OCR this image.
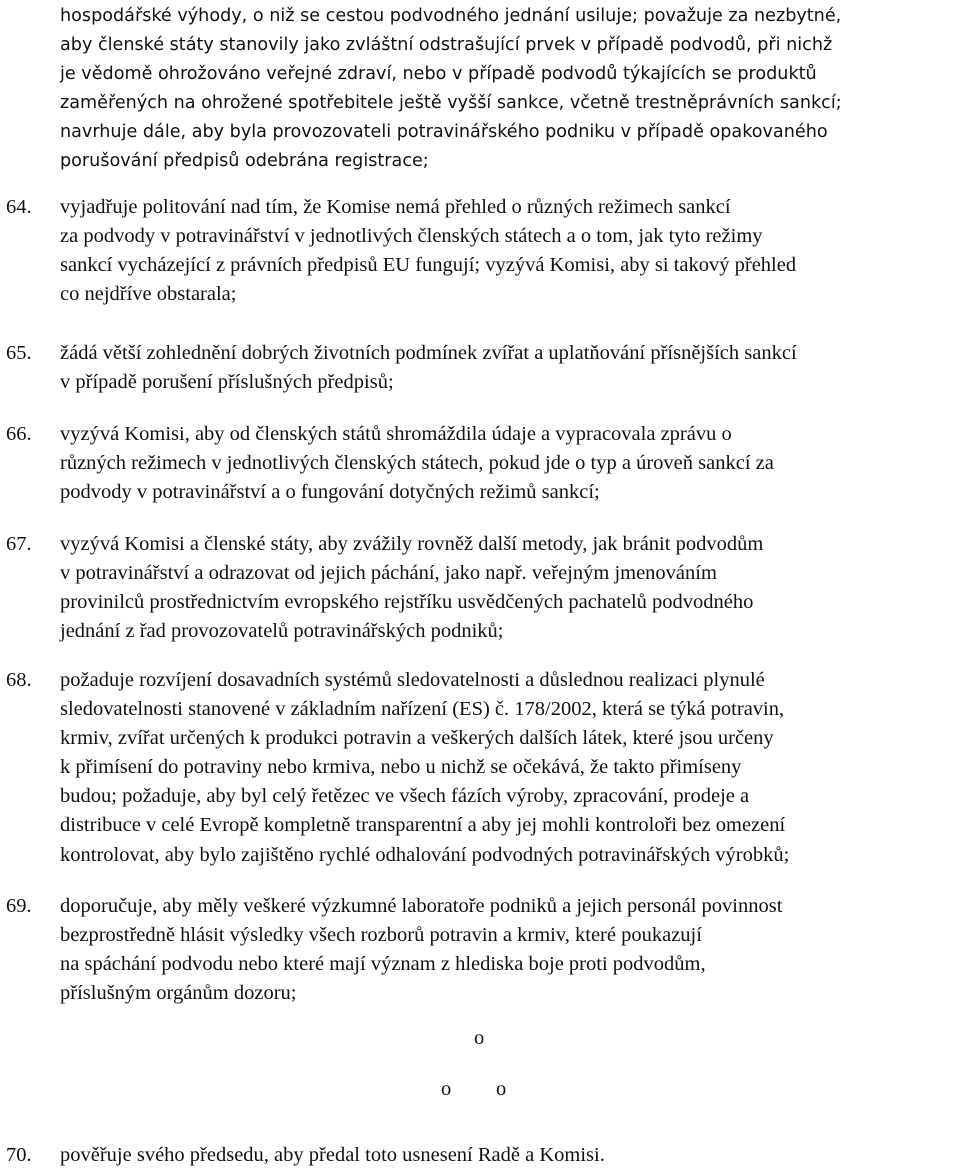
hospodářské výhody, o niž se cestou podvodného jednání usiluje; považuje za nezbytné,
aby členské státy stanovily jako zvláštní odstrašující prvek v případě podvodů, při nichž
je vědomě ohrožováno veřejné zdraví, nebo v případě podvodů týkajících se produktů
zaměřených na ohrožené spotřebitele ještě vyšší sankce, včetně trestněprávních sankcí;
navrhuje dále, aby byla provozovateli potravinářského podniku v případě opakovaného
porušování předpisů odebrána registrace;
64. vyjadřuje politování nad tím, že Komise nemá přehled o různých režimech sankcí
za podvody v potravinářství v jednotlivých členských státech a o tom, jak tyto režimy
sankcí vycházející z právních předpisů EU fungují; vyzývá Komisi, aby si takový přehled
co nejdříve obstarala;
65. žádá větší zohlednění dobrých životních podmínek zvířat a uplatňování přísnějších sankcí
v případě porušení příslušných předpisů;
66. vyzývá Komisi, aby od členských států shromáždila údaje a vypracovala zprávu o
různých režimech v jednotlivých členských státech, pokud jde o typ a úroveň sankcí za
podvody v potravinářství a o fungování dotyčných režimů sankcí;
67. vyzývá Komisi a členské státy, aby zvážily rovněž další metody, jak bránit podvodům
v potravinářství a odrazovat od jejich páchání, jako např. veřejným jmenováním
provinilců prostřednictvím evropského rejstříku usvědčených pachatelů podvodného
jednání z řad provozovatelů potravinářských podniků;
68. požaduje rozvíjení dosavadních systémů sledovatelnosti a důslednou realizaci plynulé
sledovatelnosti stanovené v základním nařízení (ES) č. 178/2002, která se týká potravin,
krmiv, zvířat určených k produkci potravin a veškerých dalších látek, které jsou určeny
k přimísení do potraviny nebo krmiva, nebo u nichž se očekává, že takto přimíseny
budou; požaduje, aby byl celý řetězec ve všech fázích výroby, zpracování, prodeje a
distribuce v celé Evropě kompletně transparentní a aby jej mohli kontroloři bez omezení
kontrolovat, aby bylo zajištěno rychlé odhalování podvodných potravinářských výrobků;
69. doporučuje, aby měly veškeré výzkumné laboratoře podniků a jejich personál povinnost
bezprostředně hlásit výsledky všech rozborů potravin a krmiv, které poukazují
na spáchání podvodu nebo které mají význam z hlediska boje proti podvodům,
příslušným orgánům dozoru;
o
o o
70. pověřuje svého předsedu, aby předal toto usnesení Radě a Komisi.
